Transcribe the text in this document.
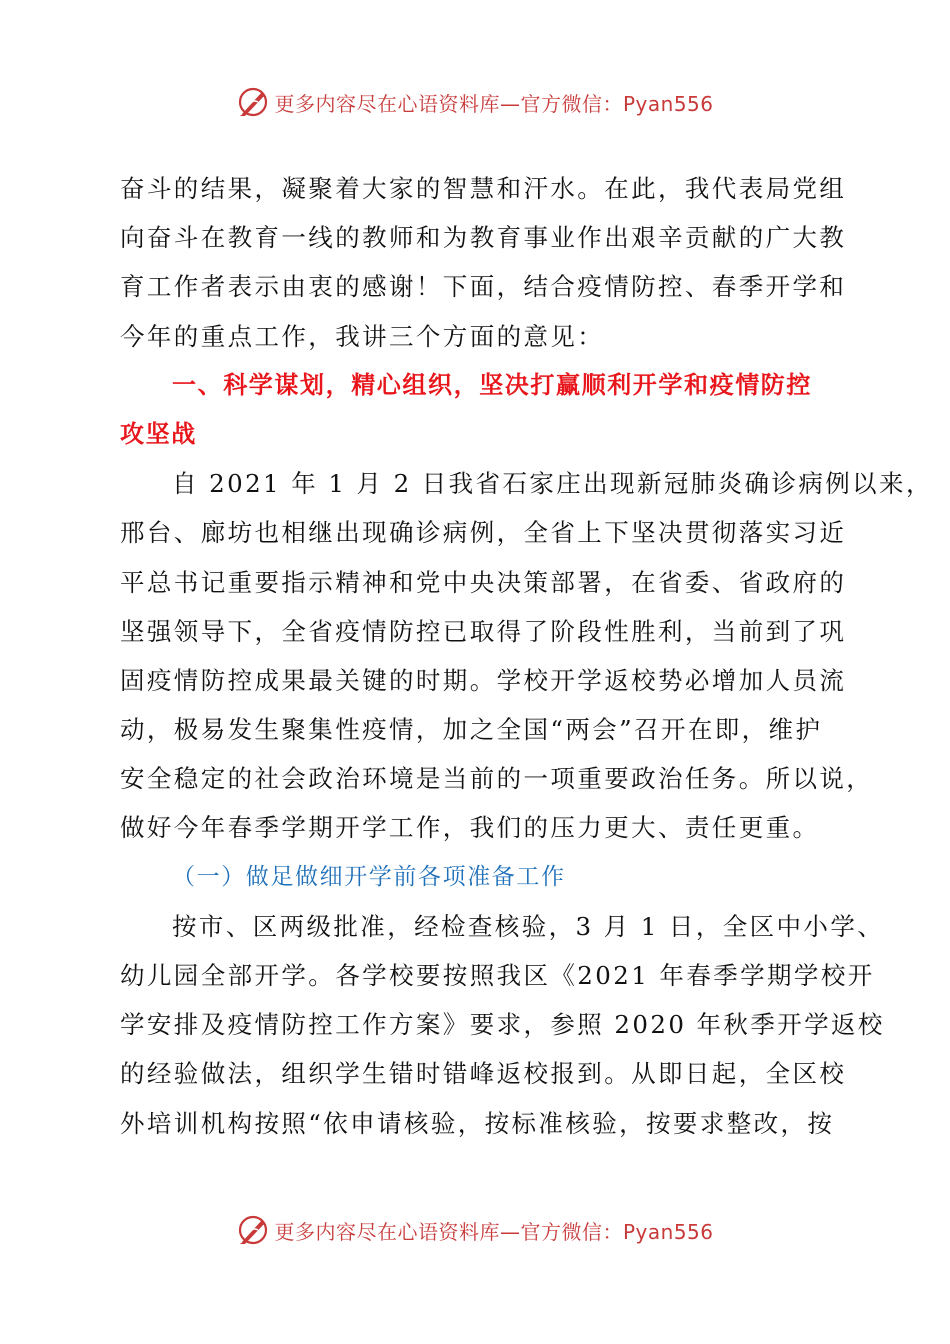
更多内容尽在心语资料库—官方微信：Pyan556
奋斗的结果，凝聚着大家的智慧和汗水。在此，我代表局党组
向奋斗在教育一线的教师和为教育事业作出艰辛贡献的广大教
育工作者表示由衷的感谢！下面，结合疫情防控、春季开学和
今年的重点工作，我讲三个方面的意见：
一、科学谋划，精心组织，坚决打赢顺利开学和疫情防控
攻坚战
自 2021 年 1 月 2 日我省石家庄出现新冠肺炎确诊病例以来，
邢台、廊坊也相继出现确诊病例，全省上下坚决贯彻落实习近
平总书记重要指示精神和党中央决策部署，在省委、省政府的
坚强领导下，全省疫情防控已取得了阶段性胜利，当前到了巩
固疫情防控成果最关键的时期。学校开学返校势必增加人员流
动，极易发生聚集性疫情，加之全国“两会”召开在即，维护
安全稳定的社会政治环境是当前的一项重要政治任务。所以说，
做好今年春季学期开学工作，我们的压力更大、责任更重。
（一）做足做细开学前各项准备工作
按市、区两级批准，经检查核验，3 月 1 日，全区中小学、
幼儿园全部开学。各学校要按照我区《2021 年春季学期学校开
学安排及疫情防控工作方案》要求，参照 2020 年秋季开学返校
的经验做法，组织学生错时错峰返校报到。从即日起，全区校
外培训机构按照“依申请核验，按标准核验，按要求整改，按
更多内容尽在心语资料库—官方微信：Pyan556
